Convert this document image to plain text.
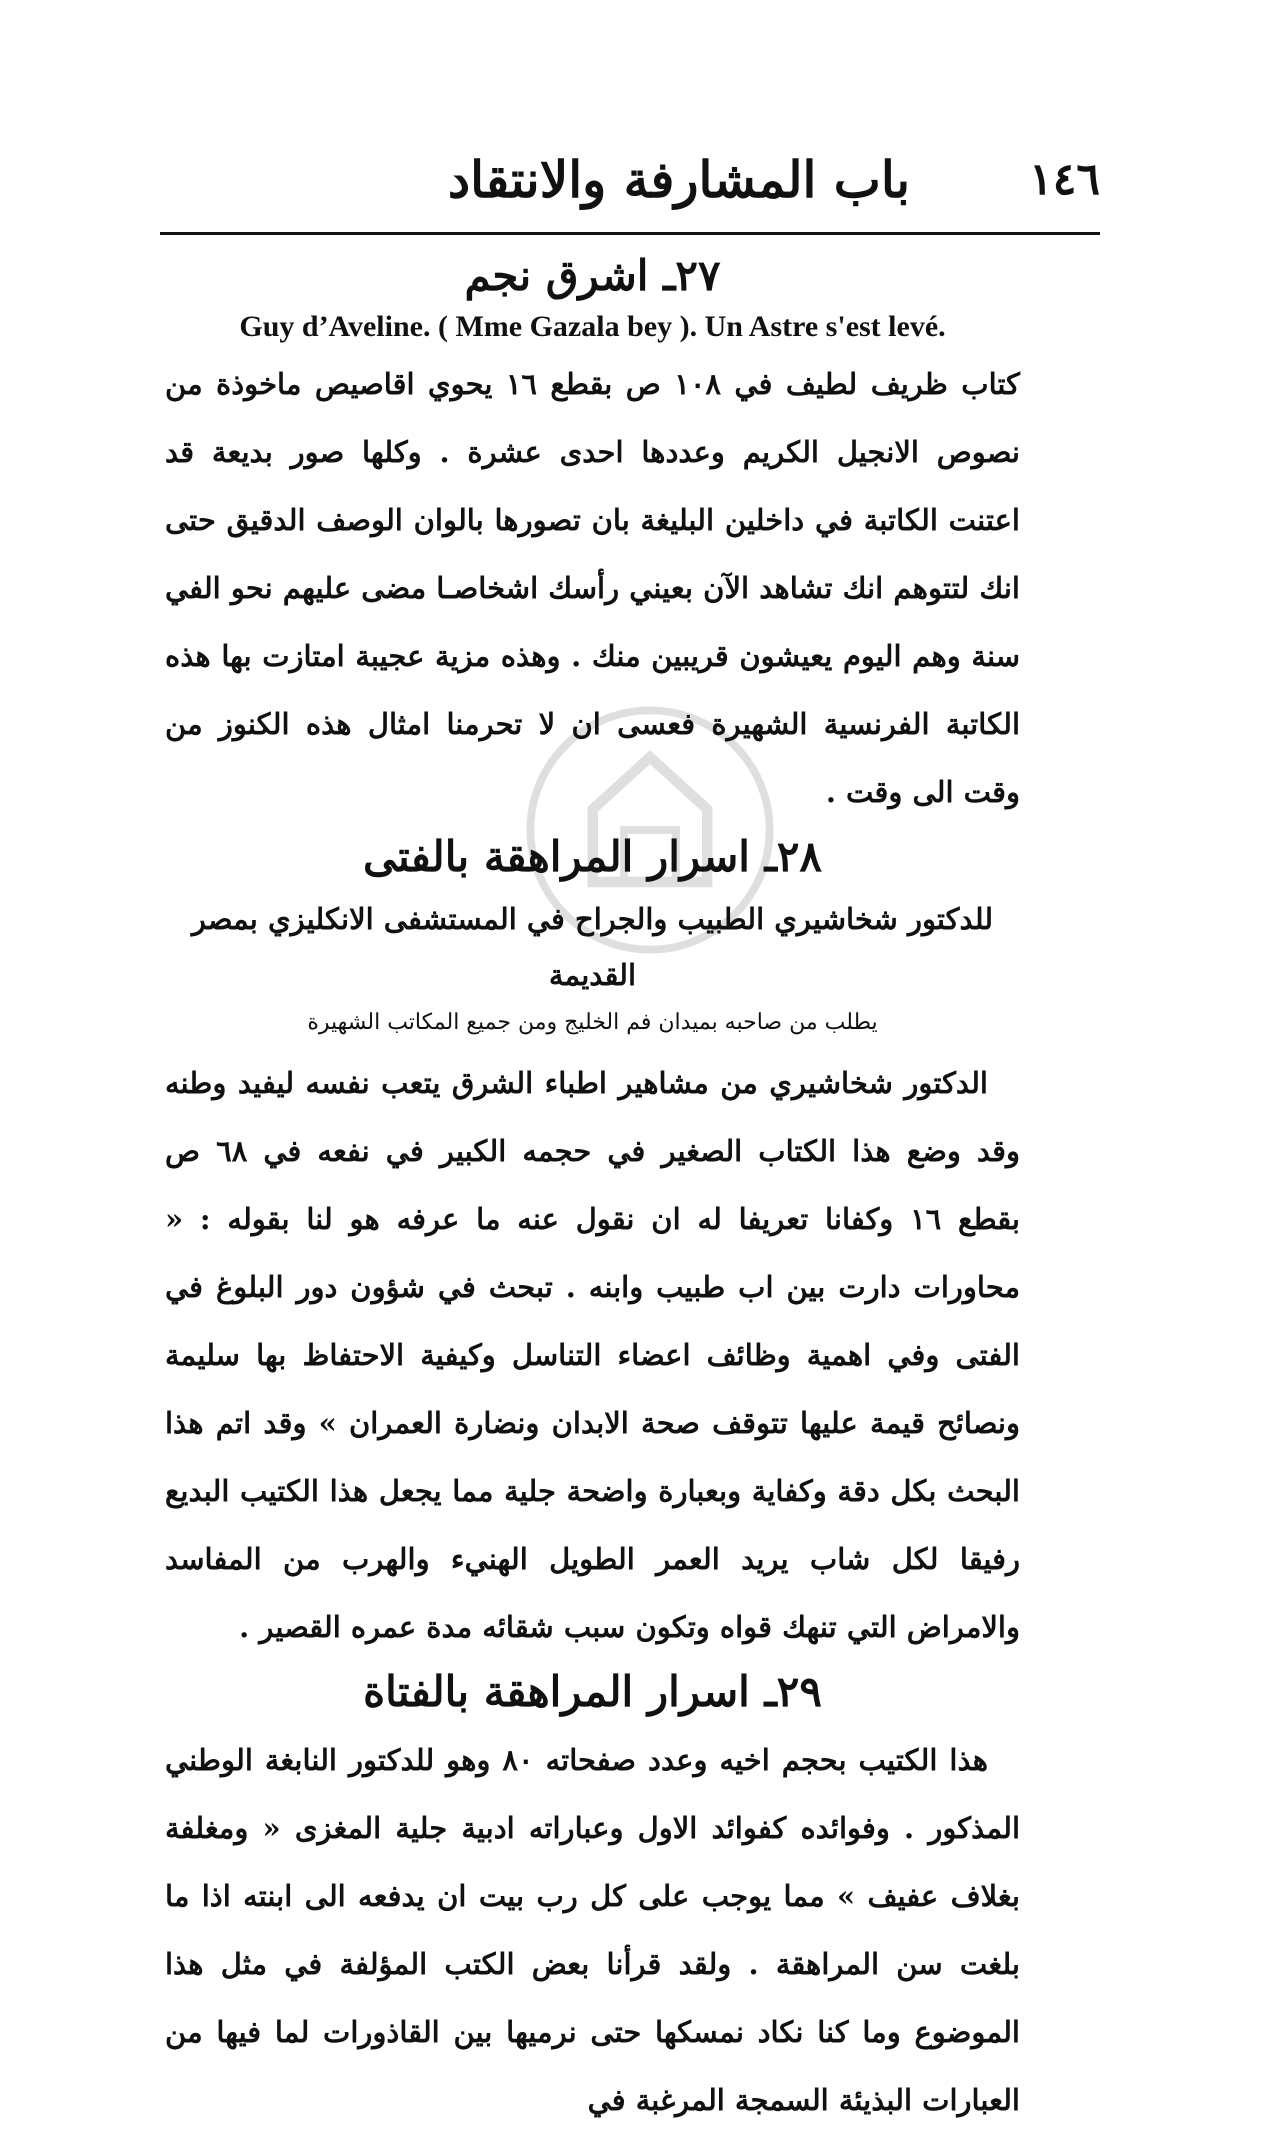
باب المشارفة والانتقاد	١٤٦
٢٧ـ اشرق نجم
Guy d’Aveline. ( Mme Gazala bey ). Un Astre s'est levé.

كتاب ظريف لطيف في ١٠٨ ص بقطع ١٦ يحوي اقاصيص ماخوذة من نصوص الانجيل الكريم وعددها احدى عشرة . وكلها صور بديعة قد اعتنت الكاتبة في داخلين البليغة بان تصورها بالوان الوصف الدقيق حتى انك لتتوهم انك تشاهد الآن بعيني رأسك اشخاصـا مضى عليهم نحو الفي سنة وهم اليوم يعيشون قريبين منك . وهذه مزية عجيبة امتازت بها هذه الكاتبة الفرنسية الشهيرة فعسى ان لا تحرمنا امثال هذه الكنوز من وقت الى وقت .

٢٨ـ اسرار المراهقة بالفتى

للدكتور شخاشيري الطبيب والجراح في المستشفى الانكليزي بمصر القديمة

يطلب من صاحبه بميدان فم الخليج ومن جميع المكاتب الشهيرة

الدكتور شخاشيري من مشاهير اطباء الشرق يتعب نفسه ليفيد وطنه وقد وضع هذا الكتاب الصغير في حجمه الكبير في نفعه في ٦٨ ص بقطع ١٦ وكفانا تعريفا له ان نقول عنه ما عرفه هو لنا بقوله : « محاورات دارت بين اب طبيب وابنه . تبحث في شؤون دور البلوغ في الفتى وفي اهمية وظائف اعضاء التناسل وكيفية الاحتفاظ بها سليمة ونصائح قيمة عليها تتوقف صحة الابدان ونضارة العمران » وقد اتم هذا البحث بكل دقة وكفاية وبعبارة واضحة جلية مما يجعل هذا الكتيب البديع رفيقا لكل شاب يريد العمر الطويل الهنيء والهرب من المفاسد والامراض التي تنهك قواه وتكون سبب شقائه مدة عمره القصير .

٢٩ـ اسرار المراهقة بالفتاة

هذا الكتيب بحجم اخيه وعدد صفحاته ٨٠ وهو للدكتور النابغة الوطني المذكور . وفوائده كفوائد الاول وعباراته ادبية جلية المغزى « ومغلفة بغلاف عفيف » مما يوجب على كل رب بيت ان يدفعه الى ابنته اذا ما بلغت سن المراهقة . ولقد قرأنا بعض الكتب المؤلفة في مثل هذا الموضوع وما كنا نكاد نمسكها حتى نرميها بين القاذورات لما فيها من العبارات البذيئة السمجة المرغبة في
